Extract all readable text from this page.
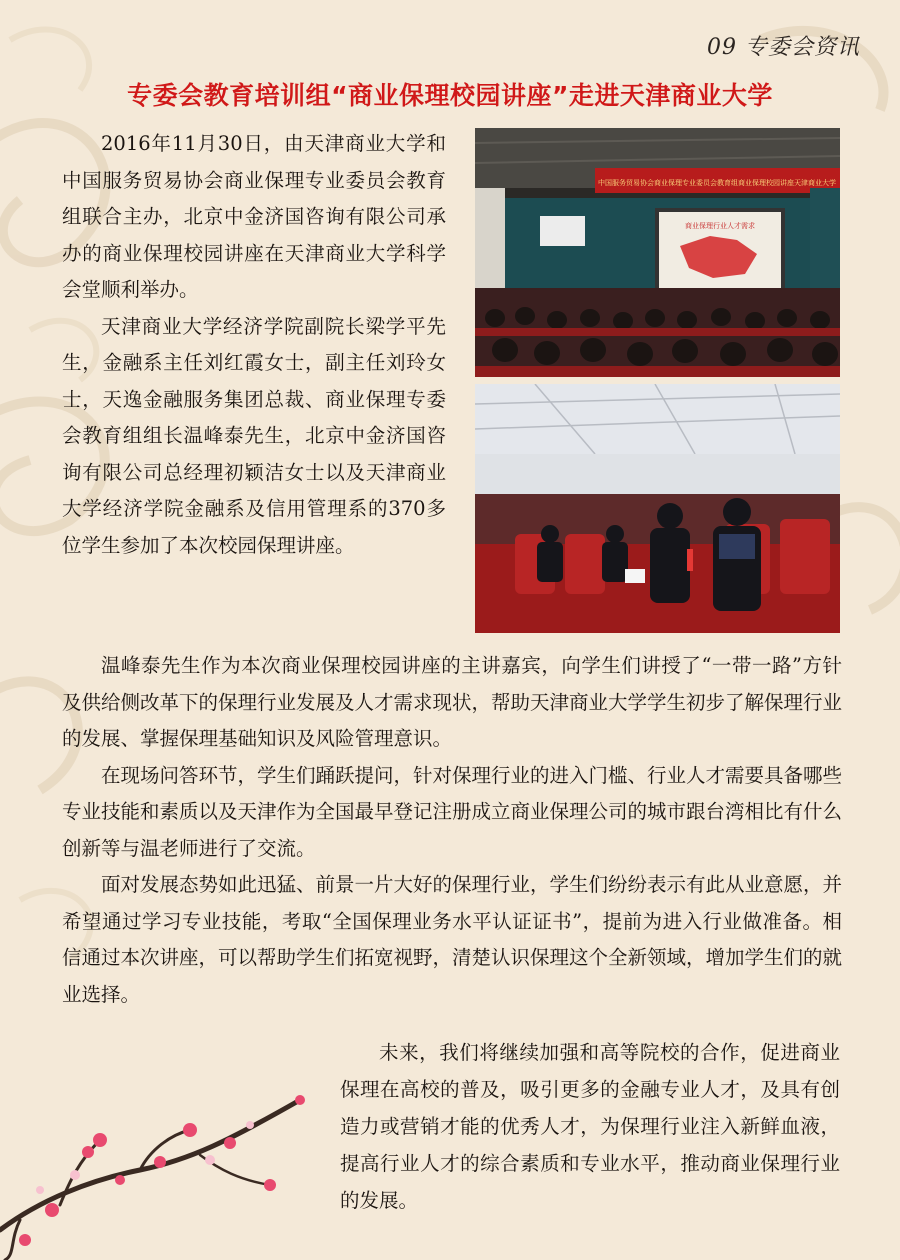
09 专委会资讯
专委会教育培训组“商业保理校园讲座”走进天津商业大学

2016年11月30日，由天津商业大学和中国服务贸易协会商业保理专业委员会教育组联合主办，北京中金济国咨询有限公司承办的商业保理校园讲座在天津商业大学科学会堂顺利举办。

天津商业大学经济学院副院长梁学平先生，金融系主任刘红霞女士，副主任刘玲女士，天逸金融服务集团总裁、商业保理专委会教育组组长温峰泰先生，北京中金济国咨询有限公司总经理初颖洁女士以及天津商业大学经济学院金融系及信用管理系的370多位学生参加了本次校园保理讲座。

中国服务贸易协会商业保理专业委员会教育组商业保理校园讲座天津商业大学
商业保理行业人才需求

温峰泰先生作为本次商业保理校园讲座的主讲嘉宾，向学生们讲授了“一带一路”方针及供给侧改革下的保理行业发展及人才需求现状，帮助天津商业大学学生初步了解保理行业的发展、掌握保理基础知识及风险管理意识。

在现场问答环节，学生们踊跃提问，针对保理行业的进入门槛、行业人才需要具备哪些专业技能和素质以及天津作为全国最早登记注册成立商业保理公司的城市跟台湾相比有什么创新等与温老师进行了交流。

面对发展态势如此迅猛、前景一片大好的保理行业，学生们纷纷表示有此从业意愿，并希望通过学习专业技能，考取“全国保理业务水平认证证书”，提前为进入行业做准备。相信通过本次讲座，可以帮助学生们拓宽视野，清楚认识保理这个全新领域，增加学生们的就业选择。

未来，我们将继续加强和高等院校的合作，促进商业保理在高校的普及，吸引更多的金融专业人才，及具有创造力或营销才能的优秀人才，为保理行业注入新鲜血液，提高行业人才的综合素质和专业水平，推动商业保理行业的发展。
